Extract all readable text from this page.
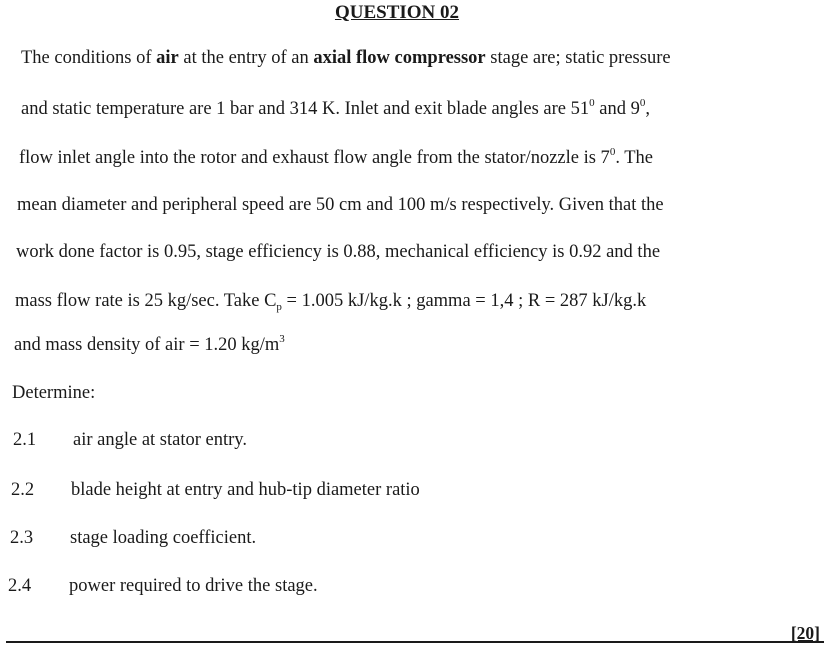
QUESTION 02
The conditions of air at the entry of an axial flow compressor stage are; static pressure
and static temperature are 1 bar and 314 K. Inlet and exit blade angles are $51^0$ and $9^0$,
flow inlet angle into the rotor and exhaust flow angle from the stator/nozzle is $7^0$. The
mean diameter and peripheral speed are 50 cm and 100 m/s respectively. Given that the
work done factor is 0.95, stage efficiency is 0.88, mechanical efficiency is 0.92 and the
mass flow rate is 25 kg/sec. Take $C_p = 1.005$ kJ/kg.k ; gamma = 1,4 ; R = 287 kJ/kg.k
and mass density of air = 1.20 $kg/m^3$
Determine:
2.1 air angle at stator entry.
2.2 blade height at entry and hub-tip diameter ratio
2.3 stage loading coefficient.
2.4 power required to drive the stage.
[20]
